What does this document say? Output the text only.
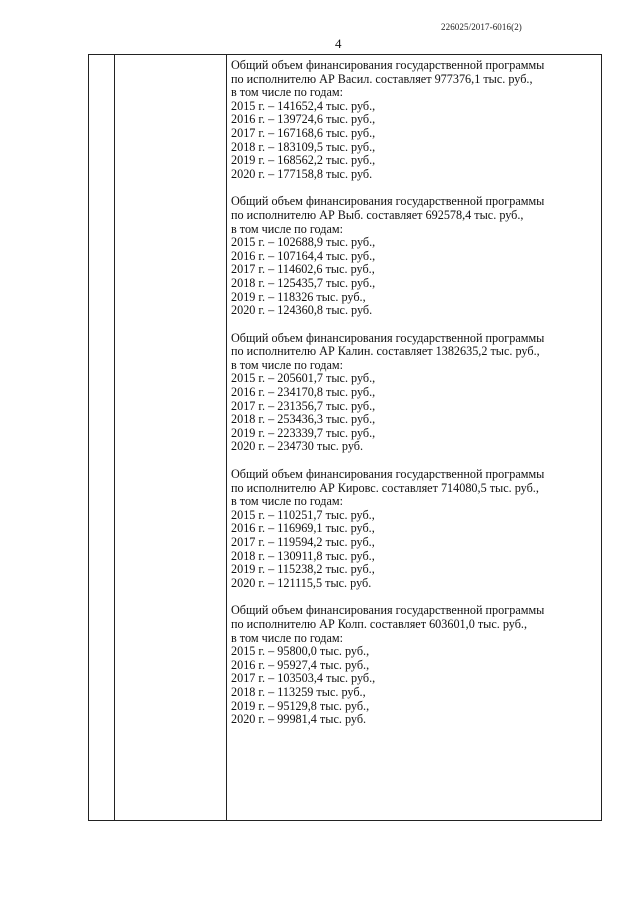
226025/2017-6016(2)
4
Общий объем финансирования государственной программы
по исполнителю АР Васил. составляет 977376,1 тыс. руб.,
в том числе по годам:
2015 г. – 141652,4 тыс. руб.,
2016 г. – 139724,6 тыс. руб.,
2017 г. – 167168,6 тыс. руб.,
2018 г. – 183109,5 тыс. руб.,
2019 г. – 168562,2 тыс. руб.,
2020 г. – 177158,8 тыс. руб.
Общий объем финансирования государственной программы
по исполнителю АР Выб. составляет 692578,4 тыс. руб.,
в том числе по годам:
2015 г. – 102688,9 тыс. руб.,
2016 г. – 107164,4 тыс. руб.,
2017 г. – 114602,6 тыс. руб.,
2018 г. – 125435,7 тыс. руб.,
2019 г. – 118326 тыс. руб.,
2020 г. – 124360,8 тыс. руб.
Общий объем финансирования государственной программы
по исполнителю АР Калин. составляет 1382635,2 тыс. руб.,
в том числе по годам:
2015 г. – 205601,7 тыс. руб.,
2016 г. – 234170,8 тыс. руб.,
2017 г. – 231356,7 тыс. руб.,
2018 г. – 253436,3 тыс. руб.,
2019 г. – 223339,7 тыс. руб.,
2020 г. – 234730 тыс. руб.
Общий объем финансирования государственной программы
по исполнителю АР Кировс. составляет 714080,5 тыс. руб.,
в том числе по годам:
2015 г. – 110251,7 тыс. руб.,
2016 г. – 116969,1 тыс. руб.,
2017 г. – 119594,2 тыс. руб.,
2018 г. – 130911,8 тыс. руб.,
2019 г. – 115238,2 тыс. руб.,
2020 г. – 121115,5 тыс. руб.
Общий объем финансирования государственной программы
по исполнителю АР Колп. составляет 603601,0 тыс. руб.,
в том числе по годам:
2015 г. – 95800,0 тыс. руб.,
2016 г. – 95927,4 тыс. руб.,
2017 г. – 103503,4 тыс. руб.,
2018 г. – 113259 тыс. руб.,
2019 г. – 95129,8 тыс. руб.,
2020 г. – 99981,4 тыс. руб.
